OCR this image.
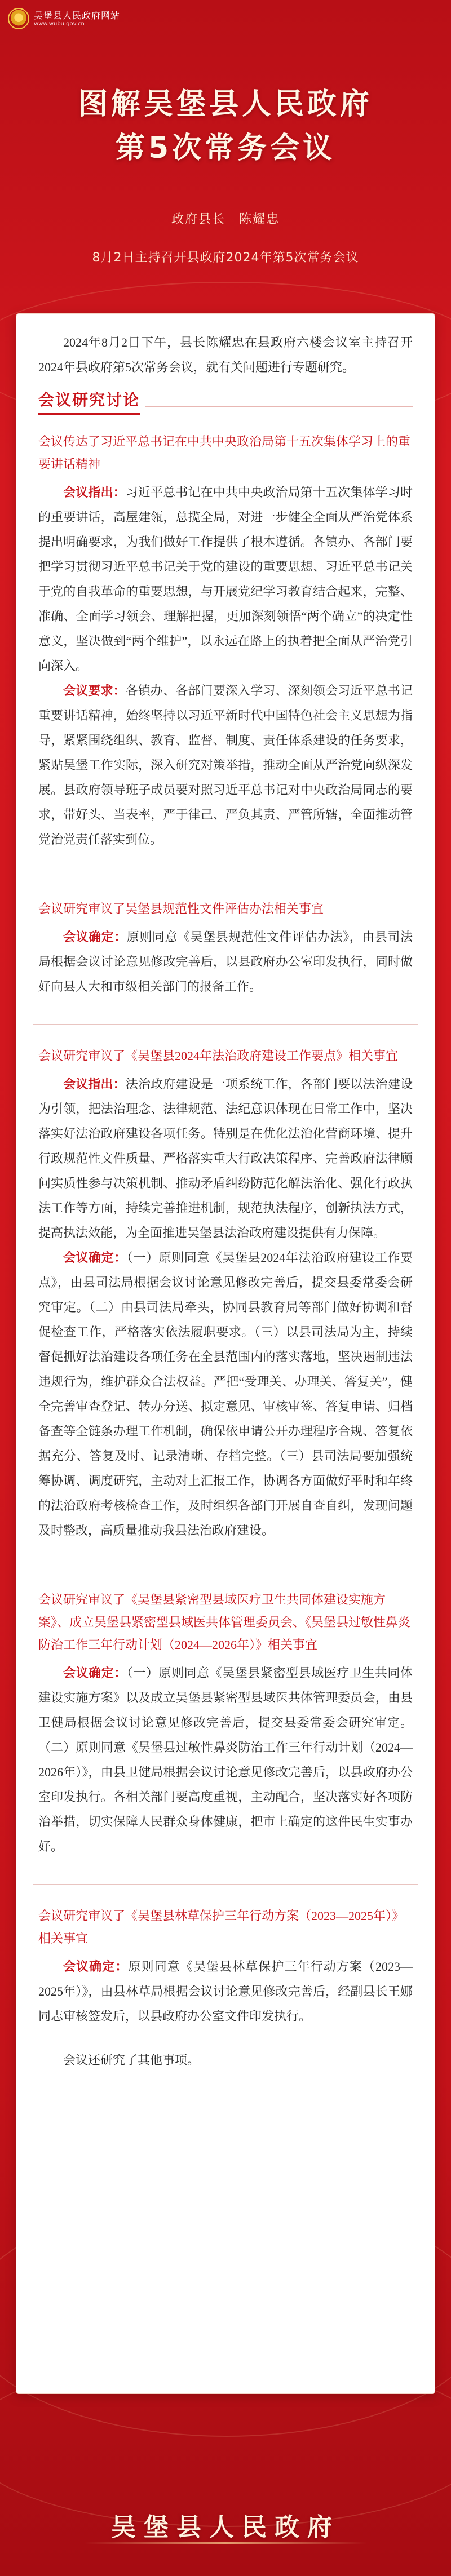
吴堡县人民政府网站
www.wubu.gov.cn
图解吴堡县人民政府
第5次常务会议
政府县长 陈耀忠
8月2日主持召开县政府2024年第5次常务会议

2024年8月2日下午，县长陈耀忠在县政府六楼会议室主持召开2024年县政府第5次常务会议，就有关问题进行专题研究。

会议研究讨论
会议传达了习近平总书记在中共中央政治局第十五次集体学习上的重要讲话精神

会议指出：习近平总书记在中共中央政治局第十五次集体学习时的重要讲话，高屋建瓴，总揽全局，对进一步健全全面从严治党体系提出明确要求，为我们做好工作提供了根本遵循。各镇办、各部门要把学习贯彻习近平总书记关于党的建设的重要思想、习近平总书记关于党的自我革命的重要思想，与开展党纪学习教育结合起来，完整、准确、全面学习领会、理解把握，更加深刻领悟“两个确立”的决定性意义，坚决做到“两个维护”，以永远在路上的执着把全面从严治党引向深入。

会议要求：各镇办、各部门要深入学习、深刻领会习近平总书记重要讲话精神，始终坚持以习近平新时代中国特色社会主义思想为指导，紧紧围绕组织、教育、监督、制度、责任体系建设的任务要求，紧贴吴堡工作实际，深入研究对策举措，推动全面从严治党向纵深发展。县政府领导班子成员要对照习近平总书记对中央政治局同志的要求，带好头、当表率，严于律己、严负其责、严管所辖，全面推动管党治党责任落实到位。

会议研究审议了吴堡县规范性文件评估办法相关事宜

会议确定：原则同意《吴堡县规范性文件评估办法》，由县司法局根据会议讨论意见修改完善后，以县政府办公室印发执行，同时做好向县人大和市级相关部门的报备工作。

会议研究审议了《吴堡县2024年法治政府建设工作要点》相关事宜

会议指出：法治政府建设是一项系统工作，各部门要以法治建设为引领，把法治理念、法律规范、法纪意识体现在日常工作中，坚决落实好法治政府建设各项任务。特别是在优化法治化营商环境、提升行政规范性文件质量、严格落实重大行政决策程序、完善政府法律顾问实质性参与决策机制、推动矛盾纠纷防范化解法治化、强化行政执法工作等方面，持续完善推进机制，规范执法程序，创新执法方式，提高执法效能，为全面推进吴堡县法治政府建设提供有力保障。

会议确定：（一）原则同意《吴堡县2024年法治政府建设工作要点》，由县司法局根据会议讨论意见修改完善后，提交县委常委会研究审定。（二）由县司法局牵头，协同县教育局等部门做好协调和督促检查工作，严格落实依法履职要求。（三）以县司法局为主，持续督促抓好法治建设各项任务在全县范围内的落实落地，坚决遏制违法违规行为，维护群众合法权益。严把“受理关、办理关、答复关”，健全完善审查登记、转办分送、拟定意见、审核审签、答复申请、归档备查等全链条办理工作机制，确保依申请公开办理程序合规、答复依据充分、答复及时、记录清晰、存档完整。（三）县司法局要加强统筹协调、调度研究，主动对上汇报工作，协调各方面做好平时和年终的法治政府考核检查工作，及时组织各部门开展自查自纠，发现问题及时整改，高质量推动我县法治政府建设。

会议研究审议了《吴堡县紧密型县域医疗卫生共同体建设实施方案》、成立吴堡县紧密型县域医共体管理委员会、《吴堡县过敏性鼻炎防治工作三年行动计划（2024—2026年）》相关事宜

会议确定：（一）原则同意《吴堡县紧密型县域医疗卫生共同体建设实施方案》以及成立吴堡县紧密型县域医共体管理委员会，由县卫健局根据会议讨论意见修改完善后，提交县委常委会研究审定。（二）原则同意《吴堡县过敏性鼻炎防治工作三年行动计划（2024—2026年）》，由县卫健局根据会议讨论意见修改完善后，以县政府办公室印发执行。各相关部门要高度重视，主动配合，坚决落实好各项防治举措，切实保障人民群众身体健康，把市上确定的这件民生实事办好。

会议研究审议了《吴堡县林草保护三年行动方案（2023—2025年）》相关事宜

会议确定：原则同意《吴堡县林草保护三年行动方案（2023—2025年）》，由县林草局根据会议讨论意见修改完善后，经副县长王娜同志审核签发后，以县政府办公室文件印发执行。

会议还研究了其他事项。

吴堡县人民政府
